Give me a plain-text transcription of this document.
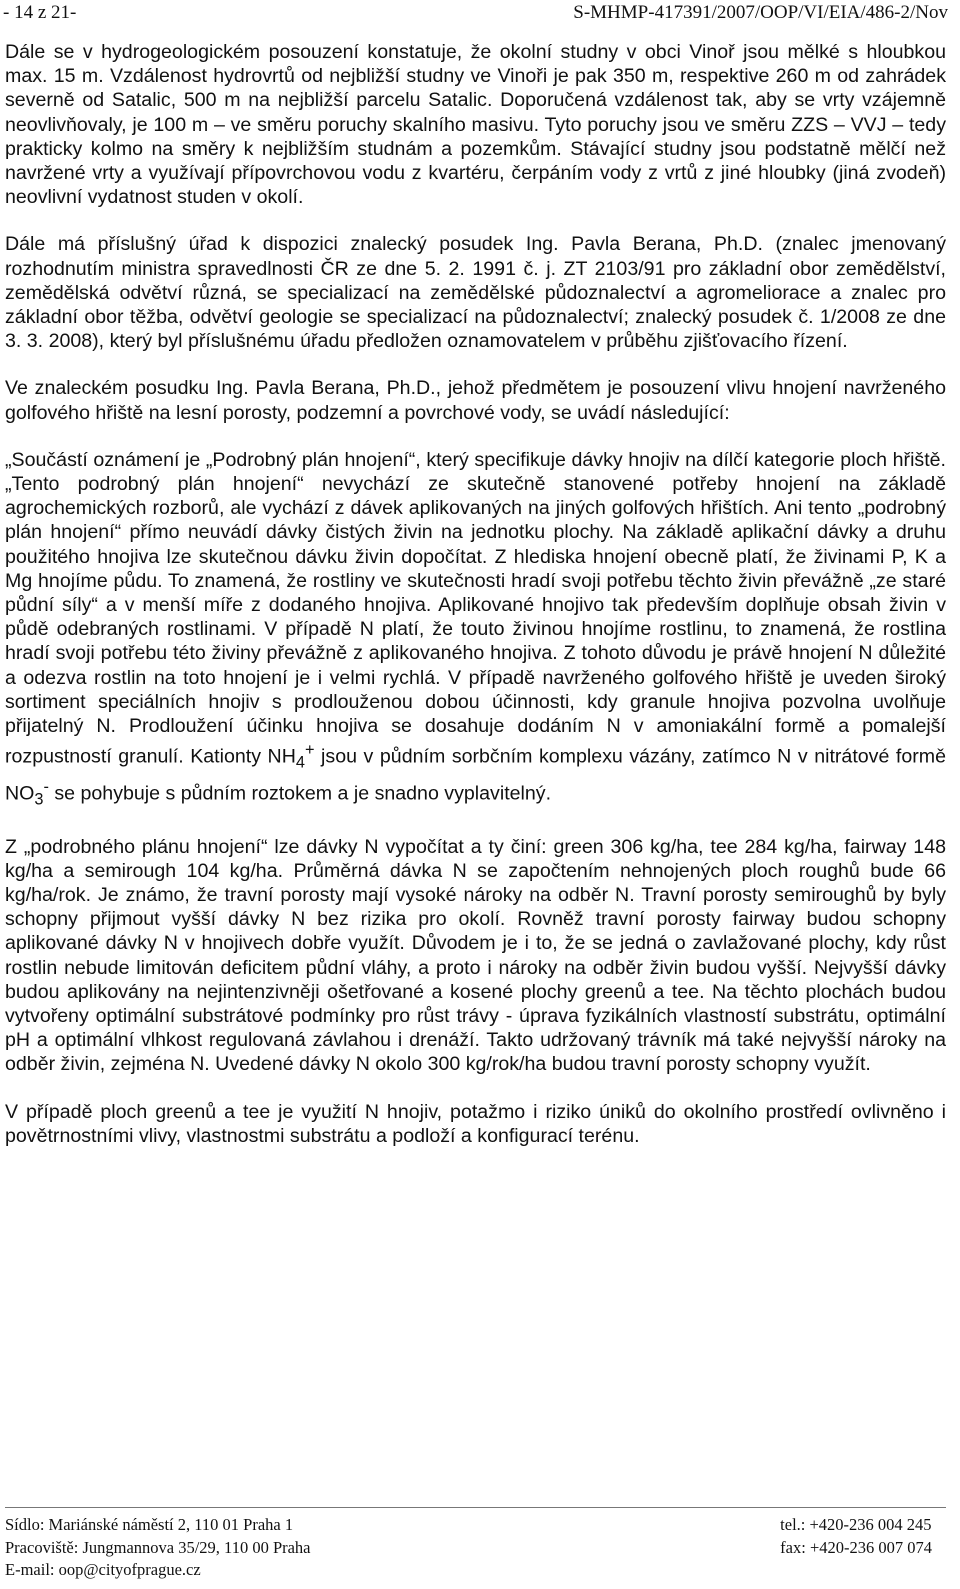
- 14 z 21-	S-MHMP-417391/2007/OOP/VI/EIA/486-2/Nov

Dále se v hydrogeologickém posouzení konstatuje, že okolní studny v obci Vinoř jsou mělké s hloubkou max. 15 m. Vzdálenost hydrovrtů od nejbližší studny ve Vinoři je pak 350 m, respektive 260 m od zahrádek severně od Satalic, 500 m na nejbližší parcelu Satalic. Doporučená vzdálenost tak, aby se vrty vzájemně neovlivňovaly, je 100 m – ve směru poruchy skalního masivu. Tyto poruchy jsou ve směru ZZS – VVJ – tedy prakticky kolmo na směry k nejbližším studnám a pozemkům. Stávající studny jsou podstatně mělčí než navržené vrty a využívají přípovrchovou vodu z kvartéru, čerpáním vody z vrtů z jiné hloubky (jiná zvodeň) neovlivní vydatnost studen v okolí.

Dále má příslušný úřad k dispozici znalecký posudek Ing. Pavla Berana, Ph.D. (znalec jmenovaný rozhodnutím ministra spravedlnosti ČR ze dne 5. 2. 1991 č. j. ZT 2103/91 pro základní obor zemědělství, zemědělská odvětví různá, se specializací na zemědělské půdoznalectví a agromeliorace a znalec pro základní obor těžba, odvětví geologie se specializací na půdoznalectví; znalecký posudek č. 1/2008 ze dne 3. 3. 2008), který byl příslušnému úřadu předložen oznamovatelem v průběhu zjišťovacího řízení.

Ve znaleckém posudku Ing. Pavla Berana, Ph.D., jehož předmětem je posouzení vlivu hnojení navrženého golfového hřiště na lesní porosty, podzemní a povrchové vody, se uvádí následující:

„Součástí oznámení je „Podrobný plán hnojení“, který specifikuje dávky hnojiv na dílčí kategorie ploch hřiště. „Tento podrobný plán hnojení“ nevychází ze skutečně stanovené potřeby hnojení na základě agrochemických rozborů, ale vychází z dávek aplikovaných na jiných golfových hřištích. Ani tento „podrobný plán hnojení“ přímo neuvádí dávky čistých živin na jednotku plochy. Na základě aplikační dávky a druhu použitého hnojiva lze skutečnou dávku živin dopočítat. Z hlediska hnojení obecně platí, že živinami P, K a Mg hnojíme půdu. To znamená, že rostliny ve skutečnosti hradí svoji potřebu těchto živin převážně „ze staré půdní síly“ a v menší míře z dodaného hnojiva. Aplikované hnojivo tak především doplňuje obsah živin v půdě odebraných rostlinami. V případě N platí, že touto živinou hnojíme rostlinu, to znamená, že rostlina hradí svoji potřebu této živiny převážně z aplikovaného hnojiva. Z tohoto důvodu je právě hnojení N důležité a odezva rostlin na toto hnojení je i velmi rychlá. V případě navrženého golfového hřiště je uveden široký sortiment speciálních hnojiv s prodlouženou dobou účinnosti, kdy granule hnojiva pozvolna uvolňuje přijatelný N. Prodloužení účinku hnojiva se dosahuje dodáním N v amoniakální formě a pomalejší rozpustností granulí. Kationty $NH_4^+$ jsou v půdním sorbčním komplexu vázány, zatímco N v nitrátové formě $NO_3^-$ se pohybuje s půdním roztokem a je snadno vyplavitelný.

Z „podrobného plánu hnojení“ lze dávky N vypočítat a ty činí: green 306 kg/ha, tee 284 kg/ha, fairway 148 kg/ha a semirough 104 kg/ha. Průměrná dávka N se započtením nehnojených ploch roughů bude 66 kg/ha/rok. Je známo, že travní porosty mají vysoké nároky na odběr N. Travní porosty semiroughů by byly schopny přijmout vyšší dávky N bez rizika pro okolí. Rovněž travní porosty fairway budou schopny aplikované dávky N v hnojivech dobře využít. Důvodem je i to, že se jedná o zavlažované plochy, kdy růst rostlin nebude limitován deficitem půdní vláhy, a proto i nároky na odběr živin budou vyšší. Nejvyšší dávky budou aplikovány na nejintenzivněji ošetřované a kosené plochy greenů a tee. Na těchto plochách budou vytvořeny optimální substrátové podmínky pro růst trávy - úprava fyzikálních vlastností substrátu, optimální pH a optimální vlhkost regulovaná závlahou i drenáží. Takto udržovaný trávník má také nejvyšší nároky na odběr živin, zejména N. Uvedené dávky N okolo 300 kg/rok/ha budou travní porosty schopny využít.

V případě ploch greenů a tee je využití N hnojiv, potažmo i riziko úniků do okolního prostředí ovlivněno i povětrnostními vlivy, vlastnostmi substrátu a podloží a konfigurací terénu.

Sídlo: Mariánské náměstí 2, 110 01 Praha 1
Pracoviště: Jungmannova 35/29, 110 00 Praha
E-mail: oop@cityofprague.cz
tel.: +420-236 004 245
fax: +420-236 007 074
